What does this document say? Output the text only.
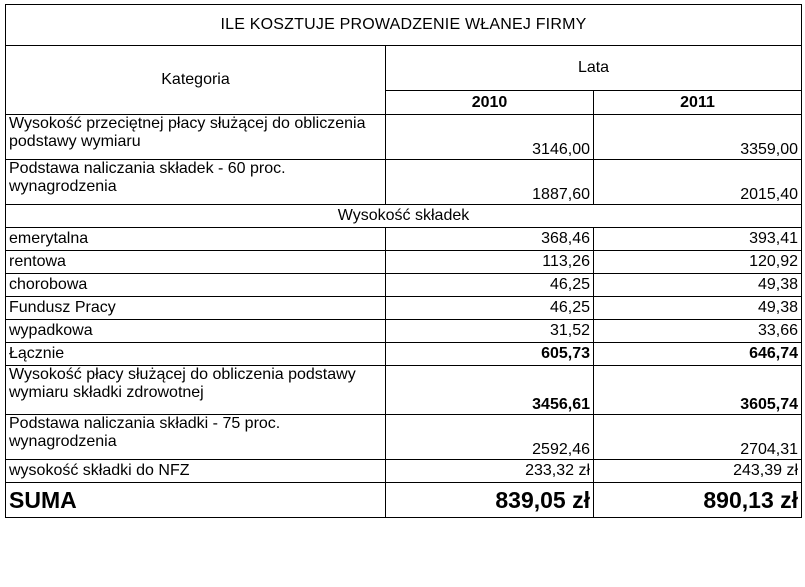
ILE KOSZTUJE PROWADZENIE WŁANEJ FIRMY		
Kategoria	Lata	
	2010	2011
Wysokość przeciętnej płacy służącej do obliczenia podstawy wymiaru	3146,00	3359,00
Podstawa naliczania składek - 60 proc. wynagrodzenia	1887,60	2015,40
Wysokość składek		
emerytalna	368,46	393,41
rentowa	113,26	120,92
chorobowa	46,25	49,38
Fundusz Pracy	46,25	49,38
wypadkowa	31,52	33,66
Łącznie	605,73	646,74
Wysokość płacy służącej do obliczenia podstawy wymiaru składki zdrowotnej	3456,61	3605,74
Podstawa naliczania składki - 75 proc. wynagrodzenia	2592,46	2704,31
wysokość składki do NFZ	233,32 zł	243,39 zł
SUMA	839,05 zł	890,13 zł
